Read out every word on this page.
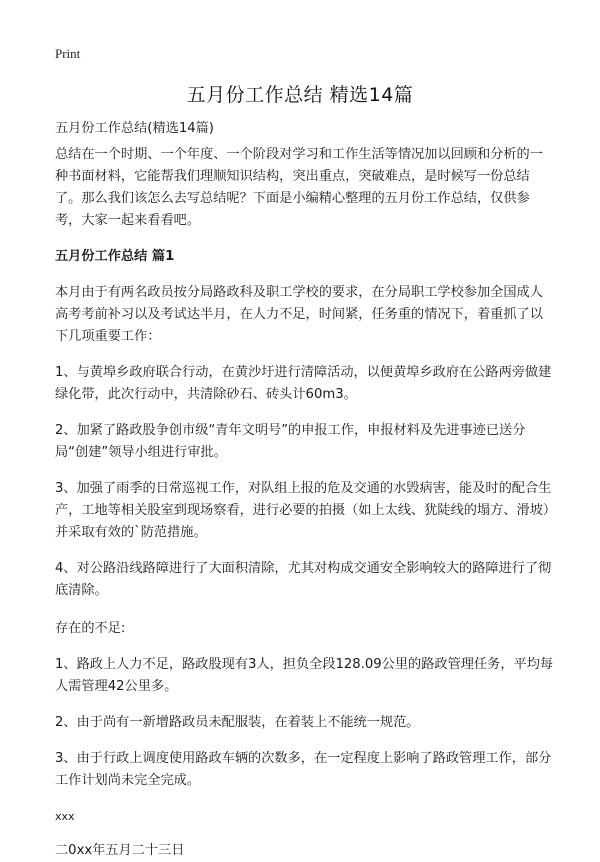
Print
五月份工作总结 精选14篇

五月份工作总结(精选14篇)

总结在一个时期、一个年度、一个阶段对学习和工作生活等情况加以回顾和分析的一种书面材料，它能帮我们理顺知识结构，突出重点，突破难点，是时候写一份总结了。那么我们该怎么去写总结呢？下面是小编精心整理的五月份工作总结，仅供参考，大家一起来看看吧。

五月份工作总结 篇1

本月由于有两名政员按分局路政科及职工学校的要求，在分局职工学校参加全国成人高考考前补习以及考试达半月，在人力不足，时间紧，任务重的情况下，着重抓了以下几项重要工作：

1、与黄埠乡政府联合行动，在黄沙圩进行清障活动，以便黄埠乡政府在公路两旁做建绿化带，此次行动中，共清除砂石、砖头计60m3。

2、加紧了路政股争创市级“青年文明号”的申报工作，申报材料及先进事迹已送分局“创建”领导小组进行审批。

3、加强了雨季的日常巡视工作，对队组上报的危及交通的水毁病害，能及时的配合生产，工地等相关股室到现场察看，进行必要的拍摄（如上太线、犹陡线的塌方、滑坡）并采取有效的`防范措施。

4、对公路沿线路障进行了大面积清除，尤其对构成交通安全影响较大的路障进行了彻底清除。

存在的不足:

1、路政上人力不足，路政股现有3人，担负全段128.09公里的路政管理任务，平均每人需管理42公里多。

2、由于尚有一新增路政员未配服装，在着装上不能统一规范。

3、由于行政上调度使用路政车辆的次数多，在一定程度上影响了路政管理工作，部分工作计划尚未完全完成。

xxx

二0xx年五月二十三日
